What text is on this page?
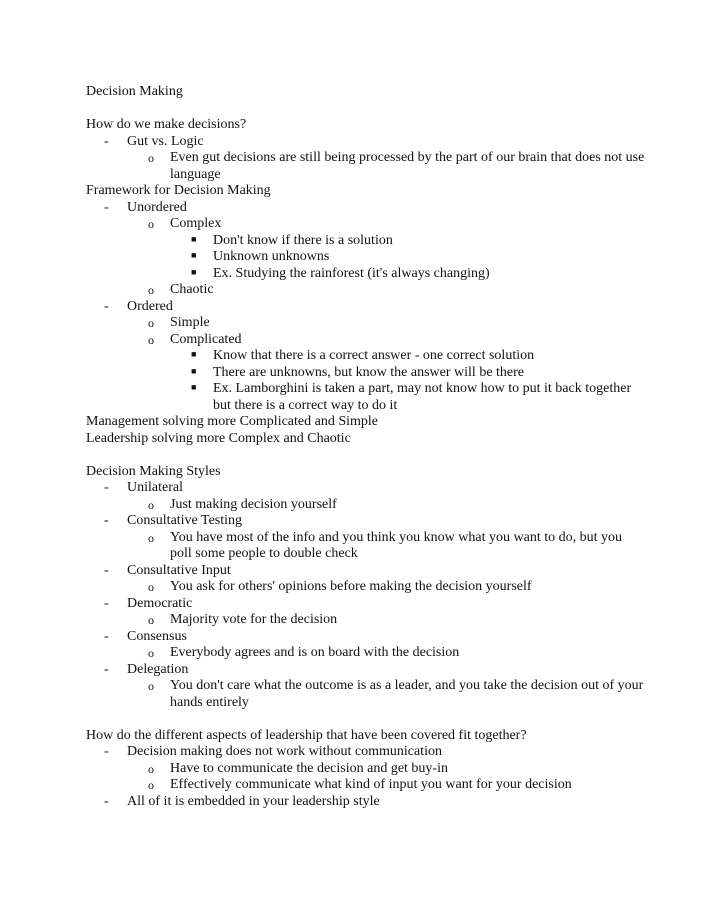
Decision Making
How do we make decisions?
- Gut vs. Logic
o Even gut decisions are still being processed by the part of our brain that does not use language
Framework for Decision Making
- Unordered
o Complex
■ Don't know if there is a solution
■ Unknown unknowns
■ Ex. Studying the rainforest (it's always changing)
o Chaotic
- Ordered
o Simple
o Complicated
■ Know that there is a correct answer - one correct solution
■ There are unknowns, but know the answer will be there
■ Ex. Lamborghini is taken a part, may not know how to put it back together but there is a correct way to do it
Management solving more Complicated and Simple
Leadership solving more Complex and Chaotic
Decision Making Styles
- Unilateral
o Just making decision yourself
- Consultative Testing
o You have most of the info and you think you know what you want to do, but you poll some people to double check
- Consultative Input
o You ask for others' opinions before making the decision yourself
- Democratic
o Majority vote for the decision
- Consensus
o Everybody agrees and is on board with the decision
- Delegation
o You don't care what the outcome is as a leader, and you take the decision out of your hands entirely
How do the different aspects of leadership that have been covered fit together?
- Decision making does not work without communication
o Have to communicate the decision and get buy-in
o Effectively communicate what kind of input you want for your decision
- All of it is embedded in your leadership style
